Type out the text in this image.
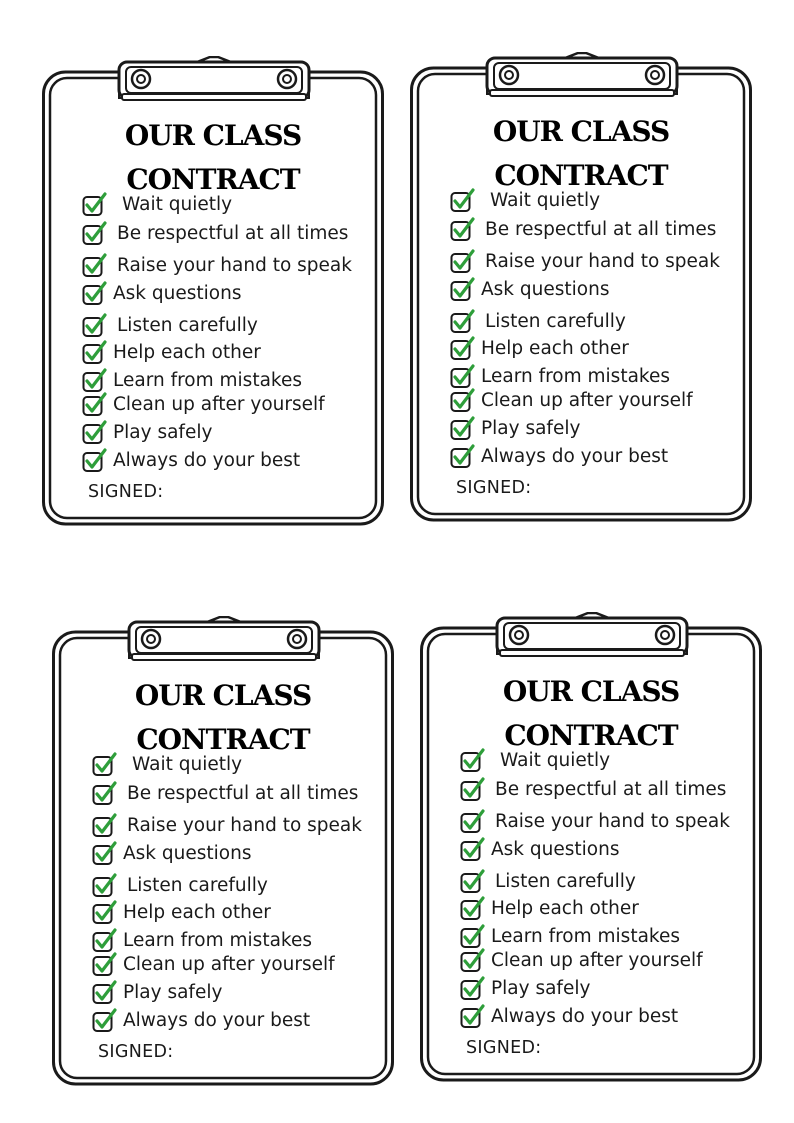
OUR CLASS
CONTRACT
Wait quietly
Be respectful at all times
Raise your hand to speak
Ask questions
Listen carefully
Help each other
Learn from mistakes
Clean up after yourself
Play safely
Always do your best
SIGNED:
OUR CLASS
CONTRACT
Wait quietly
Be respectful at all times
Raise your hand to speak
Ask questions
Listen carefully
Help each other
Learn from mistakes
Clean up after yourself
Play safely
Always do your best
SIGNED:
OUR CLASS
CONTRACT
Wait quietly
Be respectful at all times
Raise your hand to speak
Ask questions
Listen carefully
Help each other
Learn from mistakes
Clean up after yourself
Play safely
Always do your best
SIGNED:
OUR CLASS
CONTRACT
Wait quietly
Be respectful at all times
Raise your hand to speak
Ask questions
Listen carefully
Help each other
Learn from mistakes
Clean up after yourself
Play safely
Always do your best
SIGNED:
